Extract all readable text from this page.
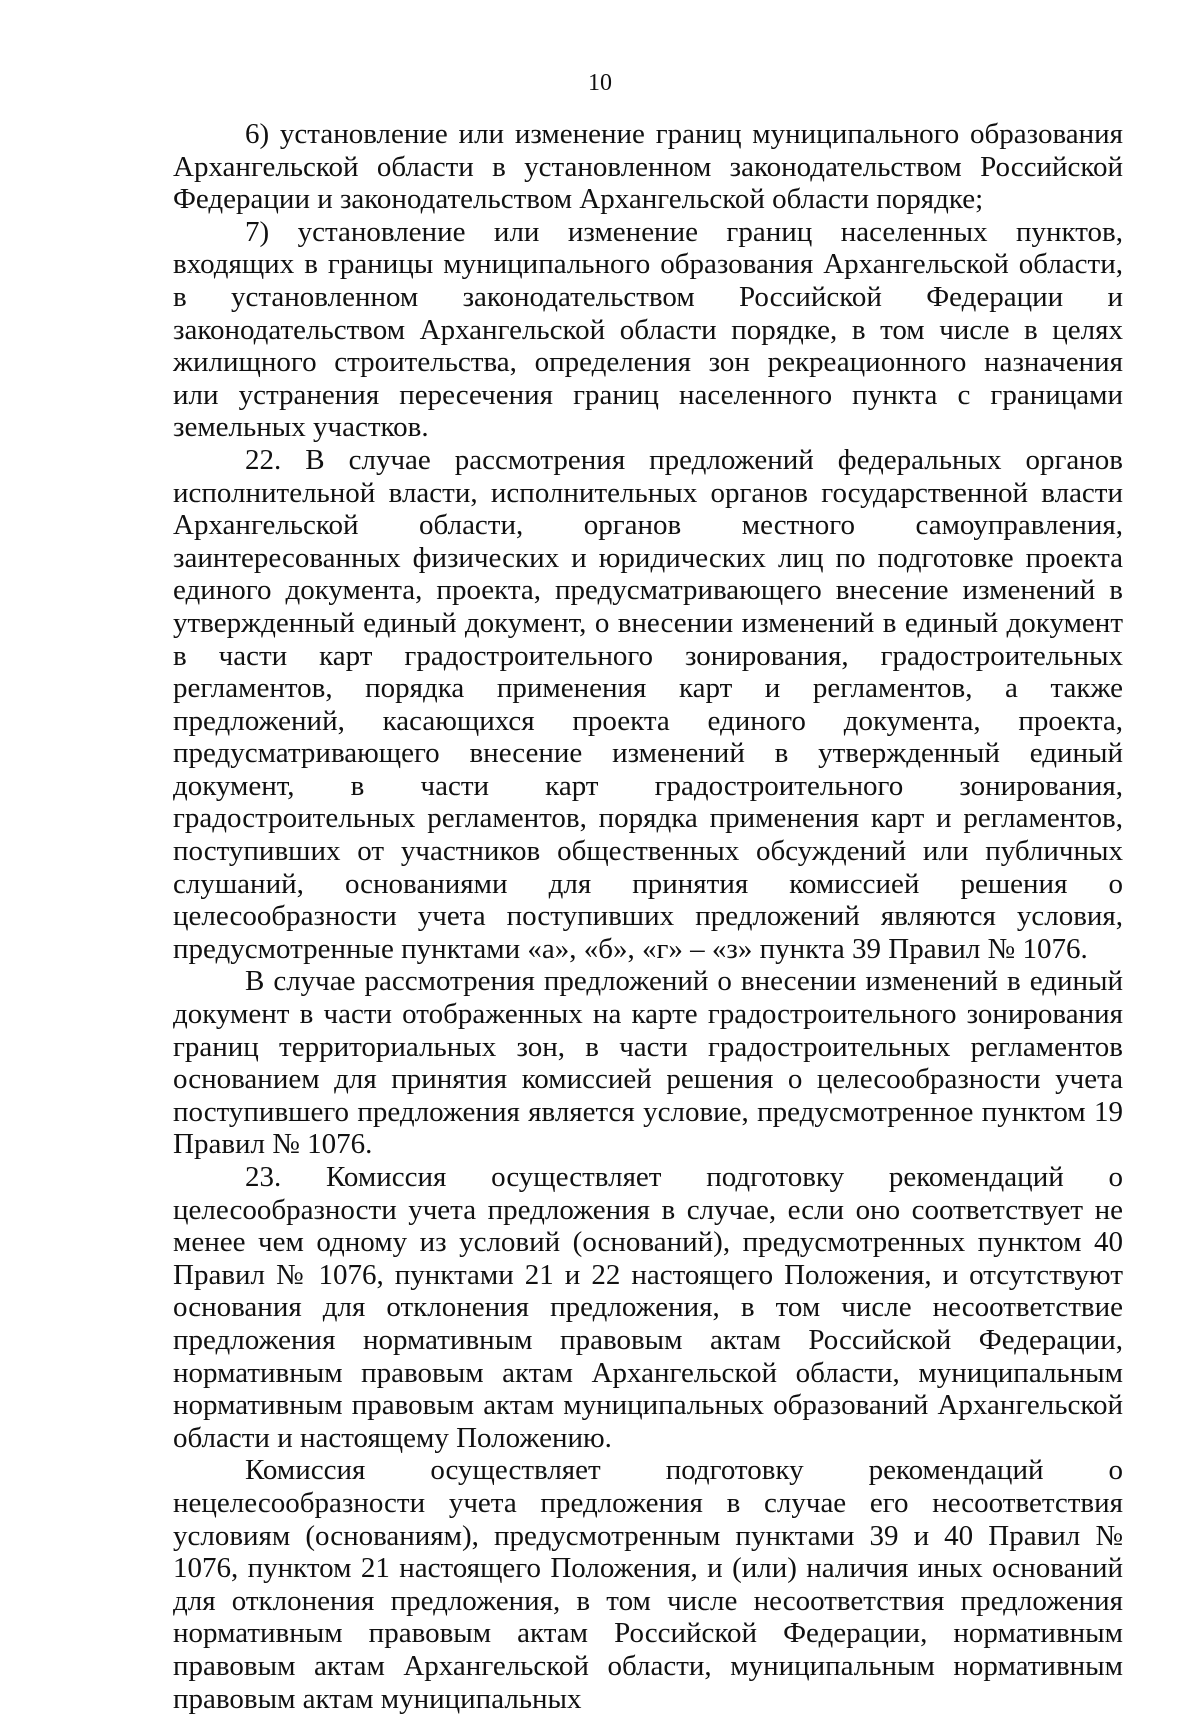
10

6) установление или изменение границ муниципального образования Архангельской области в установленном законодательством Российской Федерации и законодательством Архангельской области порядке;

7) установление или изменение границ населенных пунктов, входящих в границы муниципального образования Архангельской области, в установленном законодательством Российской Федерации и законодательством Архангельской области порядке, в том числе в целях жилищного строительства, определения зон рекреационного назначения или устранения пересечения границ населенного пункта с границами земельных участков.

22. В случае рассмотрения предложений федеральных органов исполнительной власти, исполнительных органов государственной власти Архангельской области, органов местного самоуправления, заинтересованных физических и юридических лиц по подготовке проекта единого документа, проекта, предусматривающего внесение изменений в утвержденный единый документ, о внесении изменений в единый документ в части карт градостроительного зонирования, градостроительных регламентов, порядка применения карт и регламентов, а также предложений, касающихся проекта единого документа, проекта, предусматривающего внесение изменений в утвержденный единый документ, в части карт градостроительного зонирования, градостроительных регламентов, порядка применения карт и регламентов, поступивших от участников общественных обсуждений или публичных слушаний, основаниями для принятия комиссией решения о целесообразности учета поступивших предложений являются условия, предусмотренные пунктами «а», «б», «г» – «з» пункта 39 Правил № 1076.

В случае рассмотрения предложений о внесении изменений в единый документ в части отображенных на карте градостроительного зонирования границ территориальных зон, в части градостроительных регламентов основанием для принятия комиссией решения о целесообразности учета поступившего предложения является условие, предусмотренное пунктом 19 Правил № 1076.

23. Комиссия осуществляет подготовку рекомендаций о целесообразности учета предложения в случае, если оно соответствует не менее чем одному из условий (оснований), предусмотренных пунктом 40 Правил № 1076, пунктами 21 и 22 настоящего Положения, и отсутствуют основания для отклонения предложения, в том числе несоответствие предложения нормативным правовым актам Российской Федерации, нормативным правовым актам Архангельской области, муниципальным нормативным правовым актам муниципальных образований Архангельской области и настоящему Положению.

Комиссия осуществляет подготовку рекомендаций о нецелесообразности учета предложения в случае его несоответствия условиям (основаниям), предусмотренным пунктами 39 и 40 Правил № 1076, пунктом 21 настоящего Положения, и (или) наличия иных оснований для отклонения предложения, в том числе несоответствия предложения нормативным правовым актам Российской Федерации, нормативным правовым актам Архангельской области, муниципальным нормативным правовым актам муниципальных
